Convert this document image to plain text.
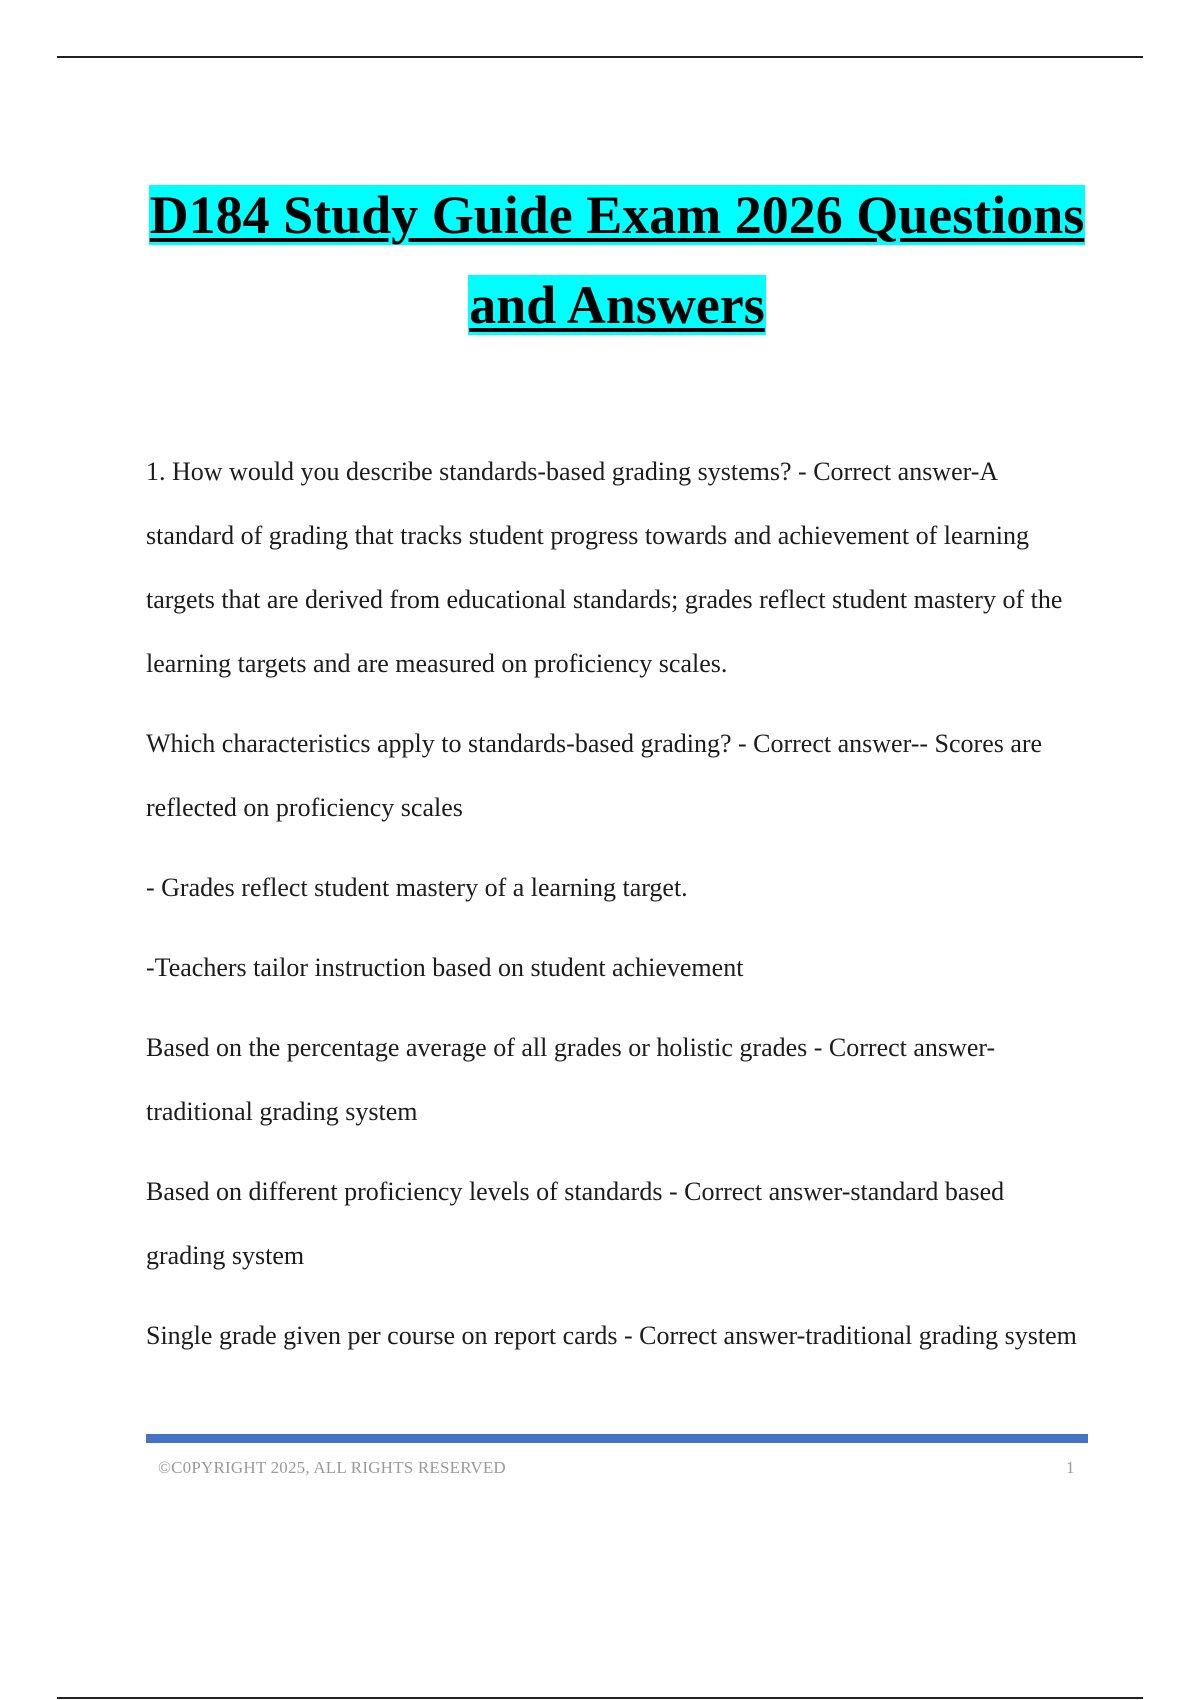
D184 Study Guide Exam 2026 Questions
and Answers

1. How would you describe standards-based grading systems? - Correct answer-A standard of grading that tracks student progress towards and achievement of learning targets that are derived from educational standards; grades reflect student mastery of the learning targets and are measured on proficiency scales.

Which characteristics apply to standards-based grading? - Correct answer-- Scores are reflected on proficiency scales

- Grades reflect student mastery of a learning target.

-Teachers tailor instruction based on student achievement

Based on the percentage average of all grades or holistic grades - Correct answer-traditional grading system

Based on different proficiency levels of standards - Correct answer-standard based grading system

Single grade given per course on report cards - Correct answer-traditional grading system

©C0PYRIGHT 2025, ALL RIGHTS RESERVED	1
